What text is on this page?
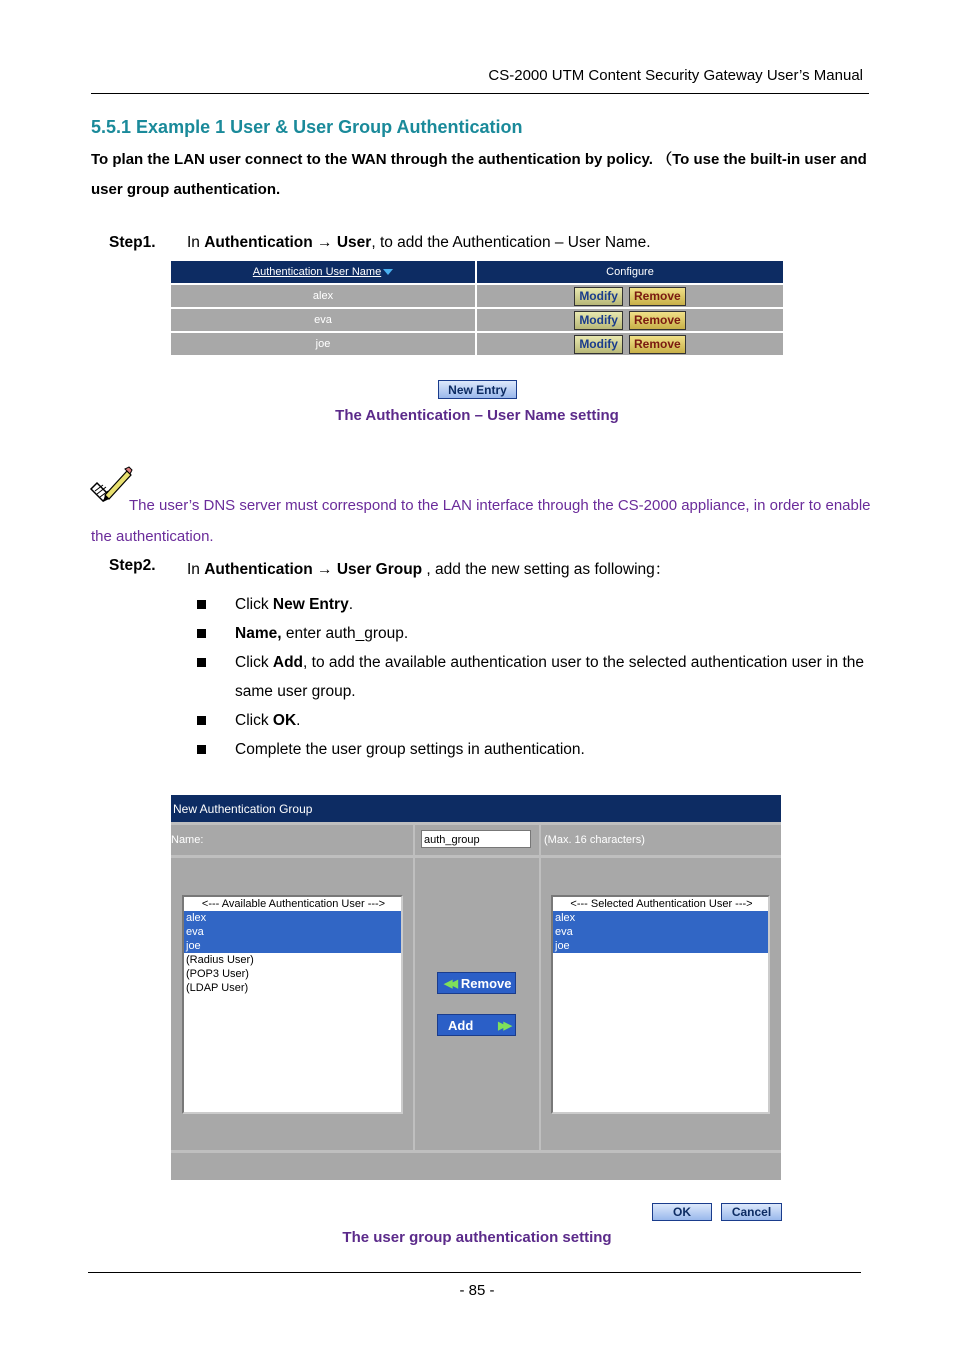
CS-2000 UTM Content Security Gateway User’s Manual
5.5.1 Example 1 User & User Group Authentication
To plan the LAN user connect to the WAN through the authentication by policy. （To use the built-in user and user group authentication.
Step1. In Authentication → User, to add the Authentication – User Name.
Authentication User Name	Configure
alex	Modify	Remove
eva	Modify	Remove
joe	Modify	Remove
New Entry
The Authentication – User Name setting
The user’s DNS server must correspond to the LAN interface through the CS-2000 appliance, in order to enable the authentication.
Step2. In Authentication → User Group , add the new setting as following：
Click New Entry.
Name, enter auth_group.
Click Add, to add the available authentication user to the selected authentication user in the same user group.
Click OK.
Complete the user group settings in authentication.
New Authentication Group
Name:	auth_group	(Max. 16 characters)
<--- Available Authentication User --->
alex
eva
joe
(Radius User)
(POP3 User)
(LDAP User)	◀◀ Remove
Add ▶▶
<--- Selected Authentication User --->
alex
eva
joe
OK	Cancel
The user group authentication setting
- 85 -
